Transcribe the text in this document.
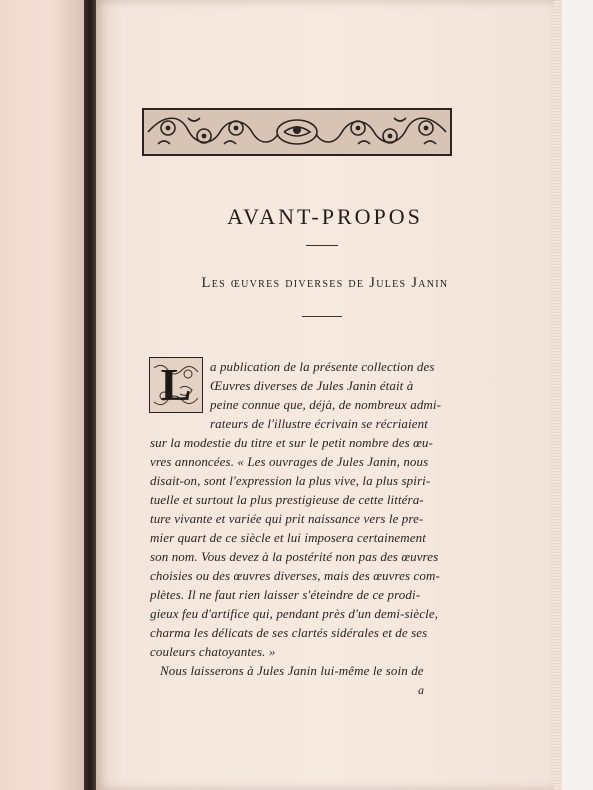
AVANT-PROPOS
Les œuvres diverses de Jules Janin
L	a publication de la présente collection des
Œuvres diverses de Jules Janin était à
peine connue que, déjà, de nombreux admi-
rateurs de l'illustre écrivain se récriaient
sur la modestie du titre et sur le petit nombre des œu-
vres annoncées. « Les ouvrages de Jules Janin, nous
disait-on, sont l'expression la plus vive, la plus spiri-
tuelle et surtout la plus prestigieuse de cette littéra-
ture vivante et variée qui prit naissance vers le pre-
mier quart de ce siècle et lui imposera certainement
son nom. Vous devez à la postérité non pas des œuvres
choisies ou des œuvres diverses, mais des œuvres com-
plètes. Il ne faut rien laisser s'éteindre de ce prodi-
gieux feu d'artifice qui, pendant près d'un demi-siècle,
charma les délicats de ses clartés sidérales et de ses
couleurs chatoyantes. »
Nous laisserons à Jules Janin lui-même le soin de
a
